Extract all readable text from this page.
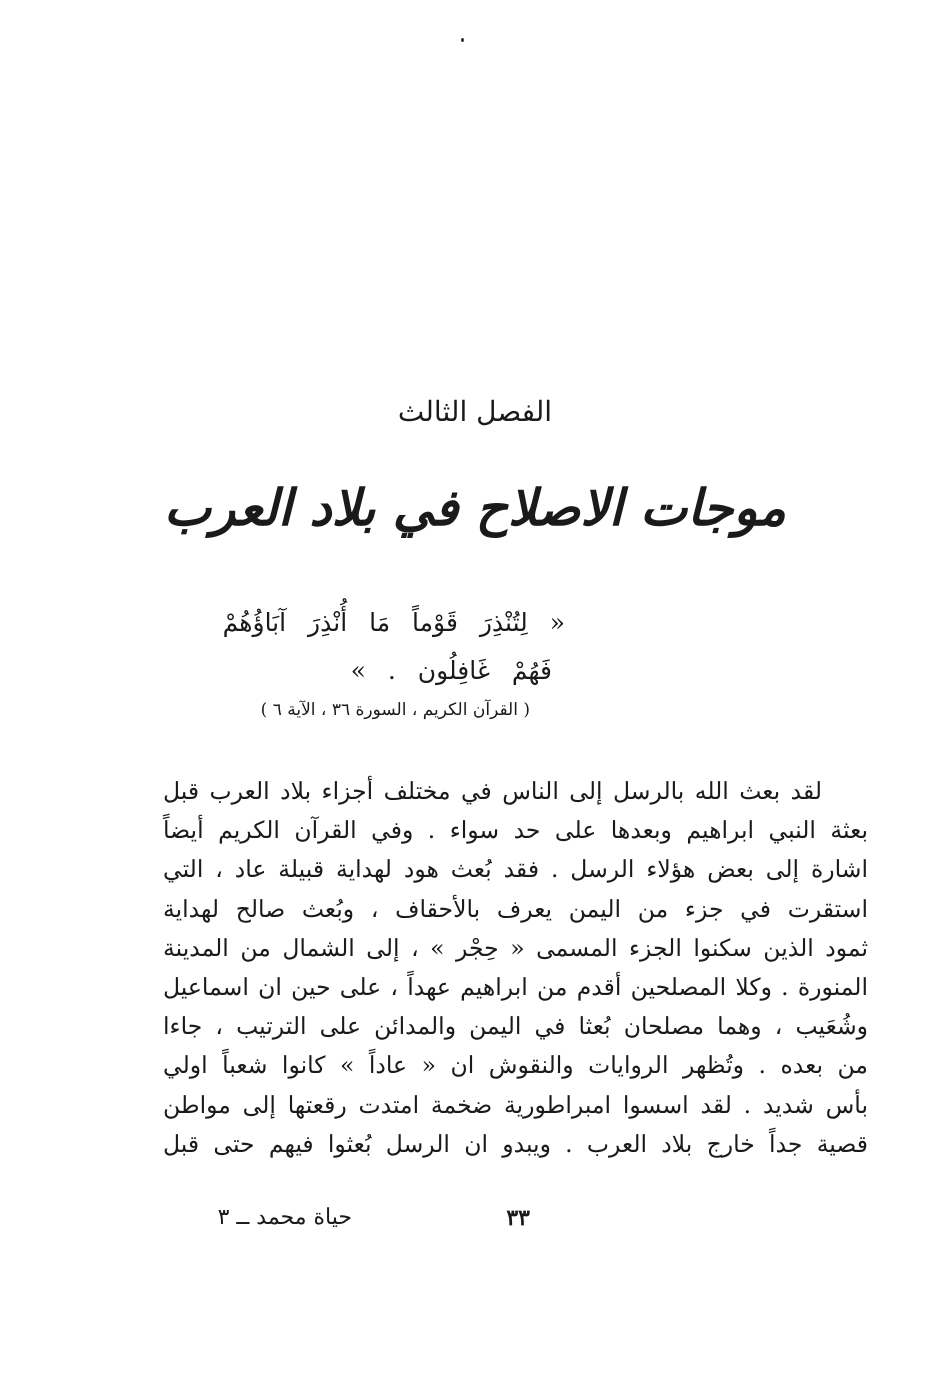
الفصل الثالث
موجات الاصلاح في بلاد العرب
« لِتُنْذِرَ قَوْماً مَا أُنْذِرَ آبَاؤُهُمْ
فَهُمْ غَافِلُون . »
( القرآن الكريم ، السورة ٣٦ ، الآية ٦ )
لقد بعث الله بالرسل إلى الناس في مختلف أجزاء بلاد العرب قبل
بعثة النبي ابراهيم وبعدها على حد سواء . وفي القرآن الكريم أيضاً
اشارة إلى بعض هؤلاء الرسل . فقد بُعث هود لهداية قبيلة عاد ، التي
استقرت في جزء من اليمن يعرف بالأحقاف ، وبُعث صالح لهداية
ثمود الذين سكنوا الجزء المسمى « حِجْر » ، إلى الشمال من المدينة
المنورة . وكلا المصلحين أقدم من ابراهيم عهداً ، على حين ان اسماعيل
وشُعَيب ، وهما مصلحان بُعثا في اليمن والمدائن على الترتيب ، جاءا
من بعده . وتُظهر الروايات والنقوش ان « عاداً » كانوا شعباً اولي
بأس شديد . لقد اسسوا امبراطورية ضخمة امتدت رقعتها إلى مواطن
قصية جداً خارج بلاد العرب . ويبدو ان الرسل بُعثوا فيهم حتى قبل
٣٣
حياة محمد ــ ٣
